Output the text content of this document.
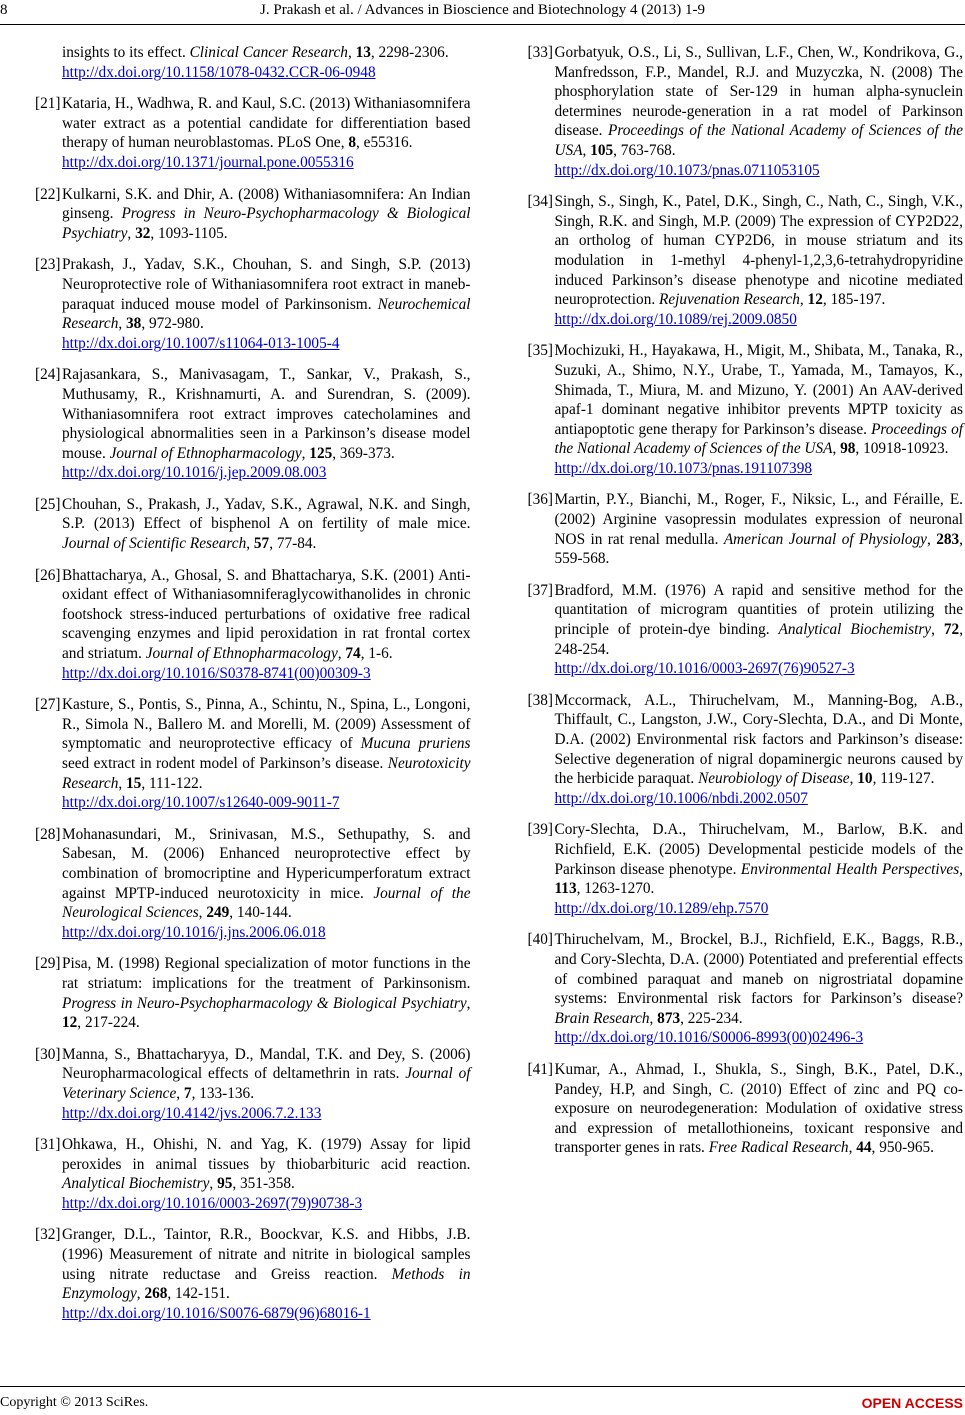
8	J. Prakash et al. / Advances in Bioscience and Biotechnology 4 (2013) 1-9
insights to its effect. Clinical Cancer Research, 13, 2298-2306.
http://dx.doi.org/10.1158/1078-0432.CCR-06-0948
[21] Kataria, H., Wadhwa, R. and Kaul, S.C. (2013) Withaniasomnifera water extract as a potential candidate for differentiation based therapy of human neuroblastomas. PLoS One, 8, e55316.
http://dx.doi.org/10.1371/journal.pone.0055316
[22] Kulkarni, S.K. and Dhir, A. (2008) Withaniasomnifera: An Indian ginseng. Progress in Neuro-Psychopharmacology & Biological Psychiatry, 32, 1093-1105.
[23] Prakash, J., Yadav, S.K., Chouhan, S. and Singh, S.P. (2013) Neuroprotective role of Withaniasomnifera root extract in maneb-paraquat induced mouse model of Parkinsonism. Neurochemical Research, 38, 972-980.
http://dx.doi.org/10.1007/s11064-013-1005-4
[24] Rajasankara, S., Manivasagam, T., Sankar, V., Prakash, S., Muthusamy, R., Krishnamurti, A. and Surendran, S. (2009). Withaniasomnifera root extract improves catecholamines and physiological abnormalities seen in a Parkinson’s disease model mouse. Journal of Ethnopharmacology, 125, 369-373.
http://dx.doi.org/10.1016/j.jep.2009.08.003
[25] Chouhan, S., Prakash, J., Yadav, S.K., Agrawal, N.K. and Singh, S.P. (2013) Effect of bisphenol A on fertility of male mice. Journal of Scientific Research, 57, 77-84.
[26] Bhattacharya, A., Ghosal, S. and Bhattacharya, S.K. (2001) Anti-oxidant effect of Withaniasomniferaglycowithanolides in chronic footshock stress-induced perturbations of oxidative free radical scavenging enzymes and lipid peroxidation in rat frontal cortex and striatum. Journal of Ethnopharmacology, 74, 1-6.
http://dx.doi.org/10.1016/S0378-8741(00)00309-3
[27] Kasture, S., Pontis, S., Pinna, A., Schintu, N., Spina, L., Longoni, R., Simola N., Ballero M. and Morelli, M. (2009) Assessment of symptomatic and neuroprotective efficacy of Mucuna pruriens seed extract in rodent model of Parkinson’s disease. Neurotoxicity Research, 15, 111-122.
http://dx.doi.org/10.1007/s12640-009-9011-7
[28] Mohanasundari, M., Srinivasan, M.S., Sethupathy, S. and Sabesan, M. (2006) Enhanced neuroprotective effect by combination of bromocriptine and Hypericumperforatum extract against MPTP-induced neurotoxicity in mice. Journal of the Neurological Sciences, 249, 140-144.
http://dx.doi.org/10.1016/j.jns.2006.06.018
[29] Pisa, M. (1998) Regional specialization of motor functions in the rat striatum: implications for the treatment of Parkinsonism. Progress in Neuro-Psychopharmacology & Biological Psychiatry, 12, 217-224.
[30] Manna, S., Bhattacharyya, D., Mandal, T.K. and Dey, S. (2006) Neuropharmacological effects of deltamethrin in rats. Journal of Veterinary Science, 7, 133-136.
http://dx.doi.org/10.4142/jvs.2006.7.2.133
[31] Ohkawa, H., Ohishi, N. and Yag, K. (1979) Assay for lipid peroxides in animal tissues by thiobarbituric acid reaction. Analytical Biochemistry, 95, 351-358.
http://dx.doi.org/10.1016/0003-2697(79)90738-3
[32] Granger, D.L., Taintor, R.R., Boockvar, K.S. and Hibbs, J.B. (1996) Measurement of nitrate and nitrite in biological samples using nitrate reductase and Greiss reaction. Methods in Enzymology, 268, 142-151.
http://dx.doi.org/10.1016/S0076-6879(96)68016-1
[33] Gorbatyuk, O.S., Li, S., Sullivan, L.F., Chen, W., Kondrikova, G., Manfredsson, F.P., Mandel, R.J. and Muzyczka, N. (2008) The phosphorylation state of Ser-129 in human alpha-synuclein determines neurode-generation in a rat model of Parkinson disease. Proceedings of the National Academy of Sciences of the USA, 105, 763-768.
http://dx.doi.org/10.1073/pnas.0711053105
[34] Singh, S., Singh, K., Patel, D.K., Singh, C., Nath, C., Singh, V.K., Singh, R.K. and Singh, M.P. (2009) The expression of CYP2D22, an ortholog of human CYP2D6, in mouse striatum and its modulation in 1-methyl 4-phenyl-1,2,3,6-tetrahydropyridine induced Parkinson’s disease phenotype and nicotine mediated neuroprotection. Rejuvenation Research, 12, 185-197.
http://dx.doi.org/10.1089/rej.2009.0850
[35] Mochizuki, H., Hayakawa, H., Migit, M., Shibata, M., Tanaka, R., Suzuki, A., Shimo, N.Y., Urabe, T., Yamada, M., Tamayos, K., Shimada, T., Miura, M. and Mizuno, Y. (2001) An AAV-derived apaf-1 dominant negative inhibitor prevents MPTP toxicity as antiapoptotic gene therapy for Parkinson’s disease. Proceedings of the National Academy of Sciences of the USA, 98, 10918-10923.
http://dx.doi.org/10.1073/pnas.191107398
[36] Martin, P.Y., Bianchi, M., Roger, F., Niksic, L., and Féraille, E. (2002) Arginine vasopressin modulates expression of neuronal NOS in rat renal medulla. American Journal of Physiology, 283, 559-568.
[37] Bradford, M.M. (1976) A rapid and sensitive method for the quantitation of microgram quantities of protein utilizing the principle of protein-dye binding. Analytical Biochemistry, 72, 248-254.
http://dx.doi.org/10.1016/0003-2697(76)90527-3
[38] Mccormack, A.L., Thiruchelvam, M., Manning-Bog, A.B., Thiffault, C., Langston, J.W., Cory-Slechta, D.A., and Di Monte, D.A. (2002) Environmental risk factors and Parkinson’s disease: Selective degeneration of nigral dopaminergic neurons caused by the herbicide paraquat. Neurobiology of Disease, 10, 119-127.
http://dx.doi.org/10.1006/nbdi.2002.0507
[39] Cory-Slechta, D.A., Thiruchelvam, M., Barlow, B.K. and Richfield, E.K. (2005) Developmental pesticide models of the Parkinson disease phenotype. Environmental Health Perspectives, 113, 1263-1270.
http://dx.doi.org/10.1289/ehp.7570
[40] Thiruchelvam, M., Brockel, B.J., Richfield, E.K., Baggs, R.B., and Cory-Slechta, D.A. (2000) Potentiated and preferential effects of combined paraquat and maneb on nigrostriatal dopamine systems: Environmental risk factors for Parkinson’s disease? Brain Research, 873, 225-234.
http://dx.doi.org/10.1016/S0006-8993(00)02496-3
[41] Kumar, A., Ahmad, I., Shukla, S., Singh, B.K., Patel, D.K., Pandey, H.P, and Singh, C. (2010) Effect of zinc and PQ co-exposure on neurodegeneration: Modulation of oxidative stress and expression of metallothioneins, toxicant responsive and transporter genes in rats. Free Radical Research, 44, 950-965.
Copyright © 2013 SciRes.	OPEN ACCESS
